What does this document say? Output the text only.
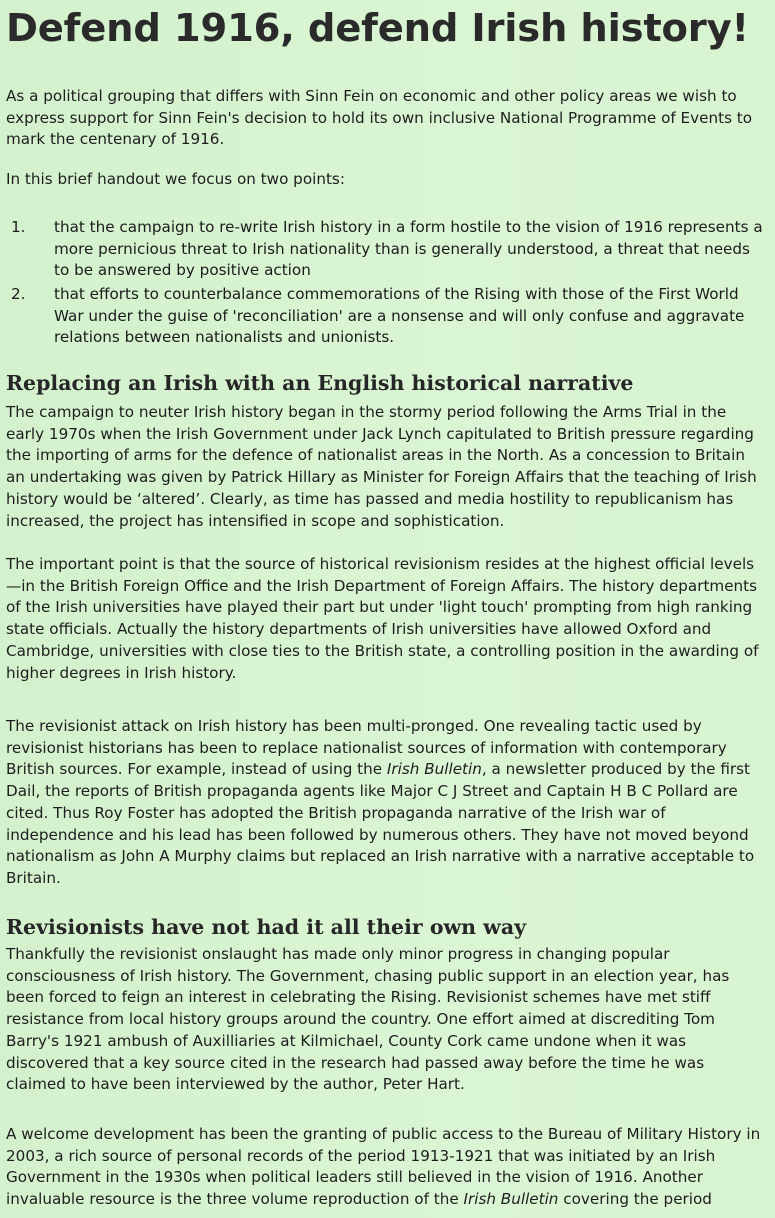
Defend 1916, defend Irish history!

As a political grouping that differs with Sinn Fein on economic and other policy areas we wish to express support for Sinn Fein's decision to hold its own inclusive National Programme of Events to mark the centenary of 1916.

In this brief handout we focus on two points:

1. that the campaign to re-write Irish history in a form hostile to the vision of 1916 represents a more pernicious threat to Irish nationality than is generally understood, a threat that needs to be answered by positive action
2. that efforts to counterbalance commemorations of the Rising with those of the First World War under the guise of 'reconciliation' are a nonsense and will only confuse and aggravate relations between nationalists and unionists.
Replacing an Irish with an English historical narrative

The campaign to neuter Irish history began in the stormy period following the Arms Trial in the early 1970s when the Irish Government under Jack Lynch capitulated to British pressure regarding the importing of arms for the defence of nationalist areas in the North. As a concession to Britain an undertaking was given by Patrick Hillary as Minister for Foreign Affairs that the teaching of Irish history would be ‘altered’. Clearly, as time has passed and media hostility to republicanism has increased, the project has intensified in scope and sophistication.

The important point is that the source of historical revisionism resides at the highest official levels—in the British Foreign Office and the Irish Department of Foreign Affairs. The history departments of the Irish universities have played their part but under 'light touch' prompting from high ranking state officials. Actually the history departments of Irish universities have allowed Oxford and Cambridge, universities with close ties to the British state, a controlling position in the awarding of higher degrees in Irish history.

The revisionist attack on Irish history has been multi-pronged. One revealing tactic used by revisionist historians has been to replace nationalist sources of information with contemporary British sources. For example, instead of using the Irish Bulletin, a newsletter produced by the first Dail, the reports of British propaganda agents like Major C J Street and Captain H B C Pollard are cited. Thus Roy Foster has adopted the British propaganda narrative of the Irish war of independence and his lead has been followed by numerous others. They have not moved beyond nationalism as John A Murphy claims but replaced an Irish narrative with a narrative acceptable to Britain.

Revisionists have not had it all their own way

Thankfully the revisionist onslaught has made only minor progress in changing popular consciousness of Irish history. The Government, chasing public support in an election year, has been forced to feign an interest in celebrating the Rising. Revisionist schemes have met stiff resistance from local history groups around the country. One effort aimed at discrediting Tom Barry's 1921 ambush of Auxilliaries at Kilmichael, County Cork came undone when it was discovered that a key source cited in the research had passed away before the time he was claimed to have been interviewed by the author, Peter Hart.

A welcome development has been the granting of public access to the Bureau of Military History in 2003, a rich source of personal records of the period 1913-1921 that was initiated by an Irish Government in the 1930s when political leaders still believed in the vision of 1916. Another invaluable resource is the three volume reproduction of the Irish Bulletin covering the period
